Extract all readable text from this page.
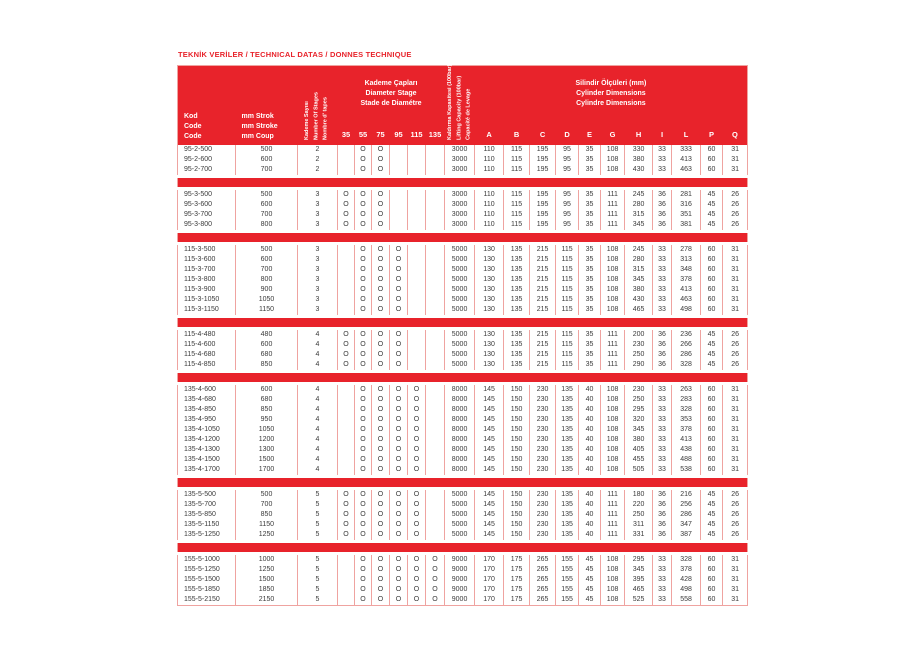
TEKNİK VERİLER / TECHNICAL DATAS / DONNES TECHNIQUE
Kod
Code
Code	mm Strok
mm Stroke
mm Coup	Kademe Sayısı Number Of Stages Nombre d' tapes	Kademe Çapları
Diameter Stage
Stade de Diamétre						Kaldırma Kapasitesi (100bar) Lifting Capacity (100bar) Capacité de Levage	Silindir Ölçüleri (mm)
Cylinder Dimensions
Cylindre Dimensions										

			35	55	75	95	115	135		A	B	C	D	E	G	H	I	L	P	Q
95-2-500	500	2		O	O				3000	110	115	195	95	35	108	330	33	333	60	31
95-2-600	600	2		O	O				3000	110	115	195	95	35	108	380	33	413	60	31
95-2-700	700	2		O	O				3000	110	115	195	95	35	108	430	33	463	60	31

95-3-500	500	3	O	O	O				3000	110	115	195	95	35	111	245	36	281	45	26
95-3-600	600	3	O	O	O				3000	110	115	195	95	35	111	280	36	316	45	26
95-3-700	700	3	O	O	O				3000	110	115	195	95	35	111	315	36	351	45	26
95-3-800	800	3	O	O	O				3000	110	115	195	95	35	111	345	36	381	45	26

115-3-500	500	3		O	O	O			5000	130	135	215	115	35	108	245	33	278	60	31
115-3-600	600	3		O	O	O			5000	130	135	215	115	35	108	280	33	313	60	31
115-3-700	700	3		O	O	O			5000	130	135	215	115	35	108	315	33	348	60	31
115-3-800	800	3		O	O	O			5000	130	135	215	115	35	108	345	33	378	60	31
115-3-900	900	3		O	O	O			5000	130	135	215	115	35	108	380	33	413	60	31
115-3-1050	1050	3		O	O	O			5000	130	135	215	115	35	108	430	33	463	60	31
115-3-1150	1150	3		O	O	O			5000	130	135	215	115	35	108	465	33	498	60	31

115-4-480	480	4	O	O	O	O			5000	130	135	215	115	35	111	200	36	236	45	26
115-4-600	600	4	O	O	O	O			5000	130	135	215	115	35	111	230	36	266	45	26
115-4-680	680	4	O	O	O	O			5000	130	135	215	115	35	111	250	36	286	45	26
115-4-850	850	4	O	O	O	O			5000	130	135	215	115	35	111	290	36	328	45	26

135-4-600	600	4		O	O	O	O		8000	145	150	230	135	40	108	230	33	263	60	31
135-4-680	680	4		O	O	O	O		8000	145	150	230	135	40	108	250	33	283	60	31
135-4-850	850	4		O	O	O	O		8000	145	150	230	135	40	108	295	33	328	60	31
135-4-950	950	4		O	O	O	O		8000	145	150	230	135	40	108	320	33	353	60	31
135-4-1050	1050	4		O	O	O	O		8000	145	150	230	135	40	108	345	33	378	60	31
135-4-1200	1200	4		O	O	O	O		8000	145	150	230	135	40	108	380	33	413	60	31
135-4-1300	1300	4		O	O	O	O		8000	145	150	230	135	40	108	405	33	438	60	31
135-4-1500	1500	4		O	O	O	O		8000	145	150	230	135	40	108	455	33	488	60	31
135-4-1700	1700	4		O	O	O	O		8000	145	150	230	135	40	108	505	33	538	60	31

135-5-500	500	5	O	O	O	O	O		5000	145	150	230	135	40	111	180	36	216	45	26
135-5-700	700	5	O	O	O	O	O		5000	145	150	230	135	40	111	220	36	256	45	26
135-5-850	850	5	O	O	O	O	O		5000	145	150	230	135	40	111	250	36	286	45	26
135-5-1150	1150	5	O	O	O	O	O		5000	145	150	230	135	40	111	311	36	347	45	26
135-5-1250	1250	5	O	O	O	O	O		5000	145	150	230	135	40	111	331	36	387	45	26

155-5-1000	1000	5		O	O	O	O	O	9000	170	175	265	155	45	108	295	33	328	60	31
155-5-1250	1250	5		O	O	O	O	O	9000	170	175	265	155	45	108	345	33	378	60	31
155-5-1500	1500	5		O	O	O	O	O	9000	170	175	265	155	45	108	395	33	428	60	31
155-5-1850	1850	5		O	O	O	O	O	9000	170	175	265	155	45	108	465	33	498	60	31
155-5-2150	2150	5		O	O	O	O	O	9000	170	175	265	155	45	108	525	33	558	60	31
